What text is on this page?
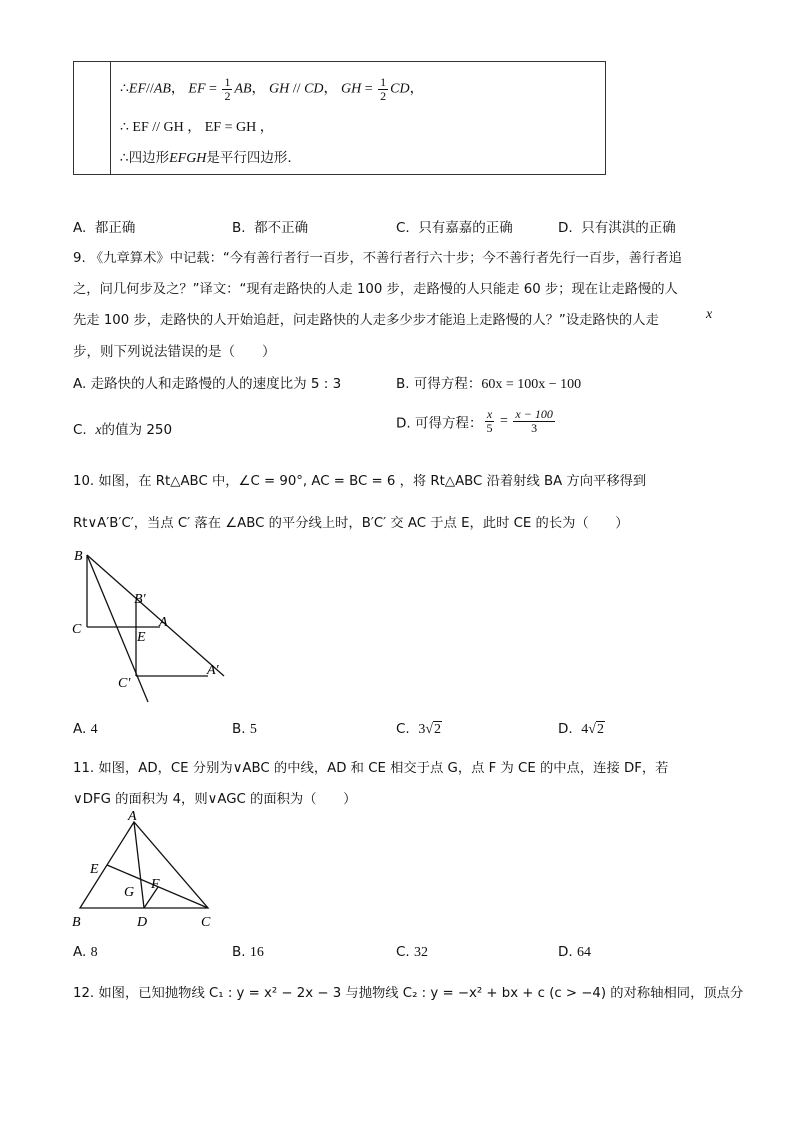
∴EF//AB， EF = $\frac{1}{2}$ AB， GH // CD， GH = $\frac{1}{2}$ CD，
∴ EF // GH ， EF = GH ，
∴四边形EFGH是平行四边形.
A. 都正确	B. 都不正确	C. 只有嘉嘉的正确	D. 只有淇淇的正确
9. 《九章算术》中记载：“今有善行者行一百步，不善行者行六十步；今不善行者先行一百步，善行者追
之，问几何步及之？”译文：“现有走路快的人走 100 步，走路慢的人只能走 60 步；现在让走路慢的人
先走 100 步，走路快的人开始追赶，问走路快的人走多少步才能追上走路慢的人？”设走路快的人走	x
步，则下列说法错误的是（　　）
A. 走路快的人和走路慢的人的速度比为 5 : 3	B. 可得方程：60x = 100x − 100
C. x的值为 250	D. 可得方程： $\frac{x}{5} = \frac{x - 100}{3}$
10. 如图，在 Rt△ABC 中，∠C = 90°, AC = BC = 6 ，将 Rt△ABC 沿着射线 BA 方向平移得到
Rt∨A′B′C′，当点 C′ 落在 ∠ABC 的平分线上时，B′C′ 交 AC 于点 E，此时 CE 的长为（　　）
B
B′
C	A
E
C′
A′
A. 4	B. 5	C. 3√2	D. 4√2
11. 如图，AD，CE 分别为∨ABC 的中线，AD 和 CE 相交于点 G，点 F 为 CE 的中点，连接 DF，若
∨DFG 的面积为 4，则∨AGC 的面积为（　　）
A
E
F
G
B	D	C
A. 8	B. 16	C. 32	D. 64
12. 如图，已知抛物线 C₁ : y = x² − 2x − 3 与抛物线 C₂ : y = −x² + bx + c (c > −4) 的对称轴相同，顶点分
